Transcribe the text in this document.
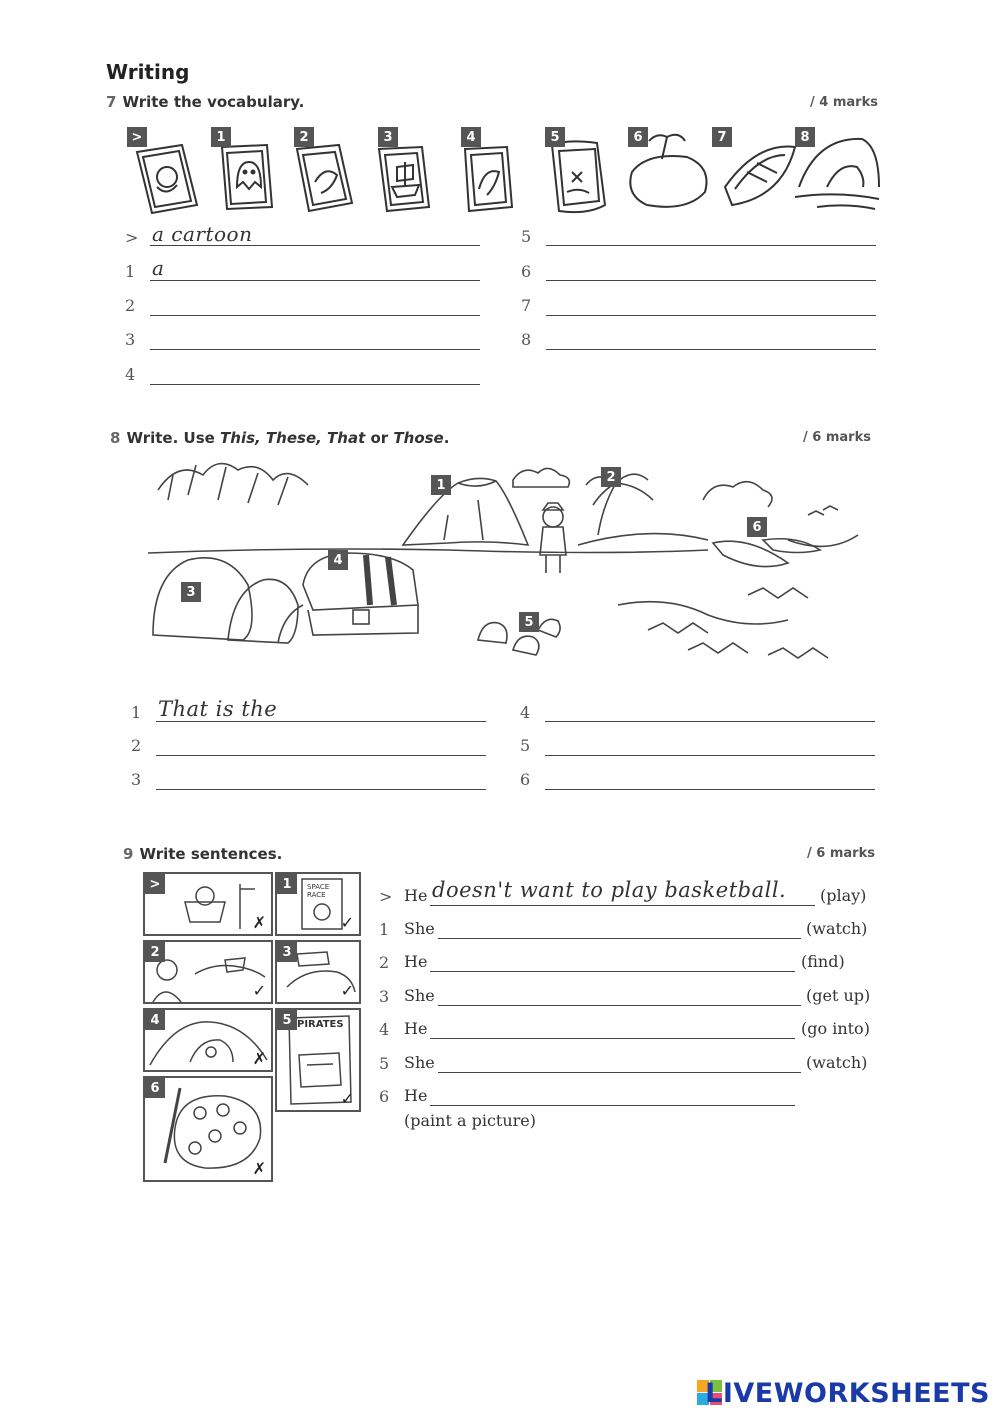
Writing
7 Write the vocabulary.	/ 4 marks
>	1	2	3	4	5	6	7	8
> a cartoon
1 a
2
3
4
5
6
7
8
8 Write. Use This, These, That or Those.	/ 6 marks
1
2
3
4
5
6
1 That is the
2
3
4
5
6
9 Write sentences.	/ 6 marks
>
✗
SPACE
RACE
1
✓
2
✓
3
✓
4
✗
PIRATES
5
✓
6
✗
> He doesn't want to play basketball. (play)
1 She	(watch)
2 He	(find)
3 She	(get up)
4 He	(go into)
5 She	(watch)
6 He
(paint a picture)
LIVEWORKSHEETS
